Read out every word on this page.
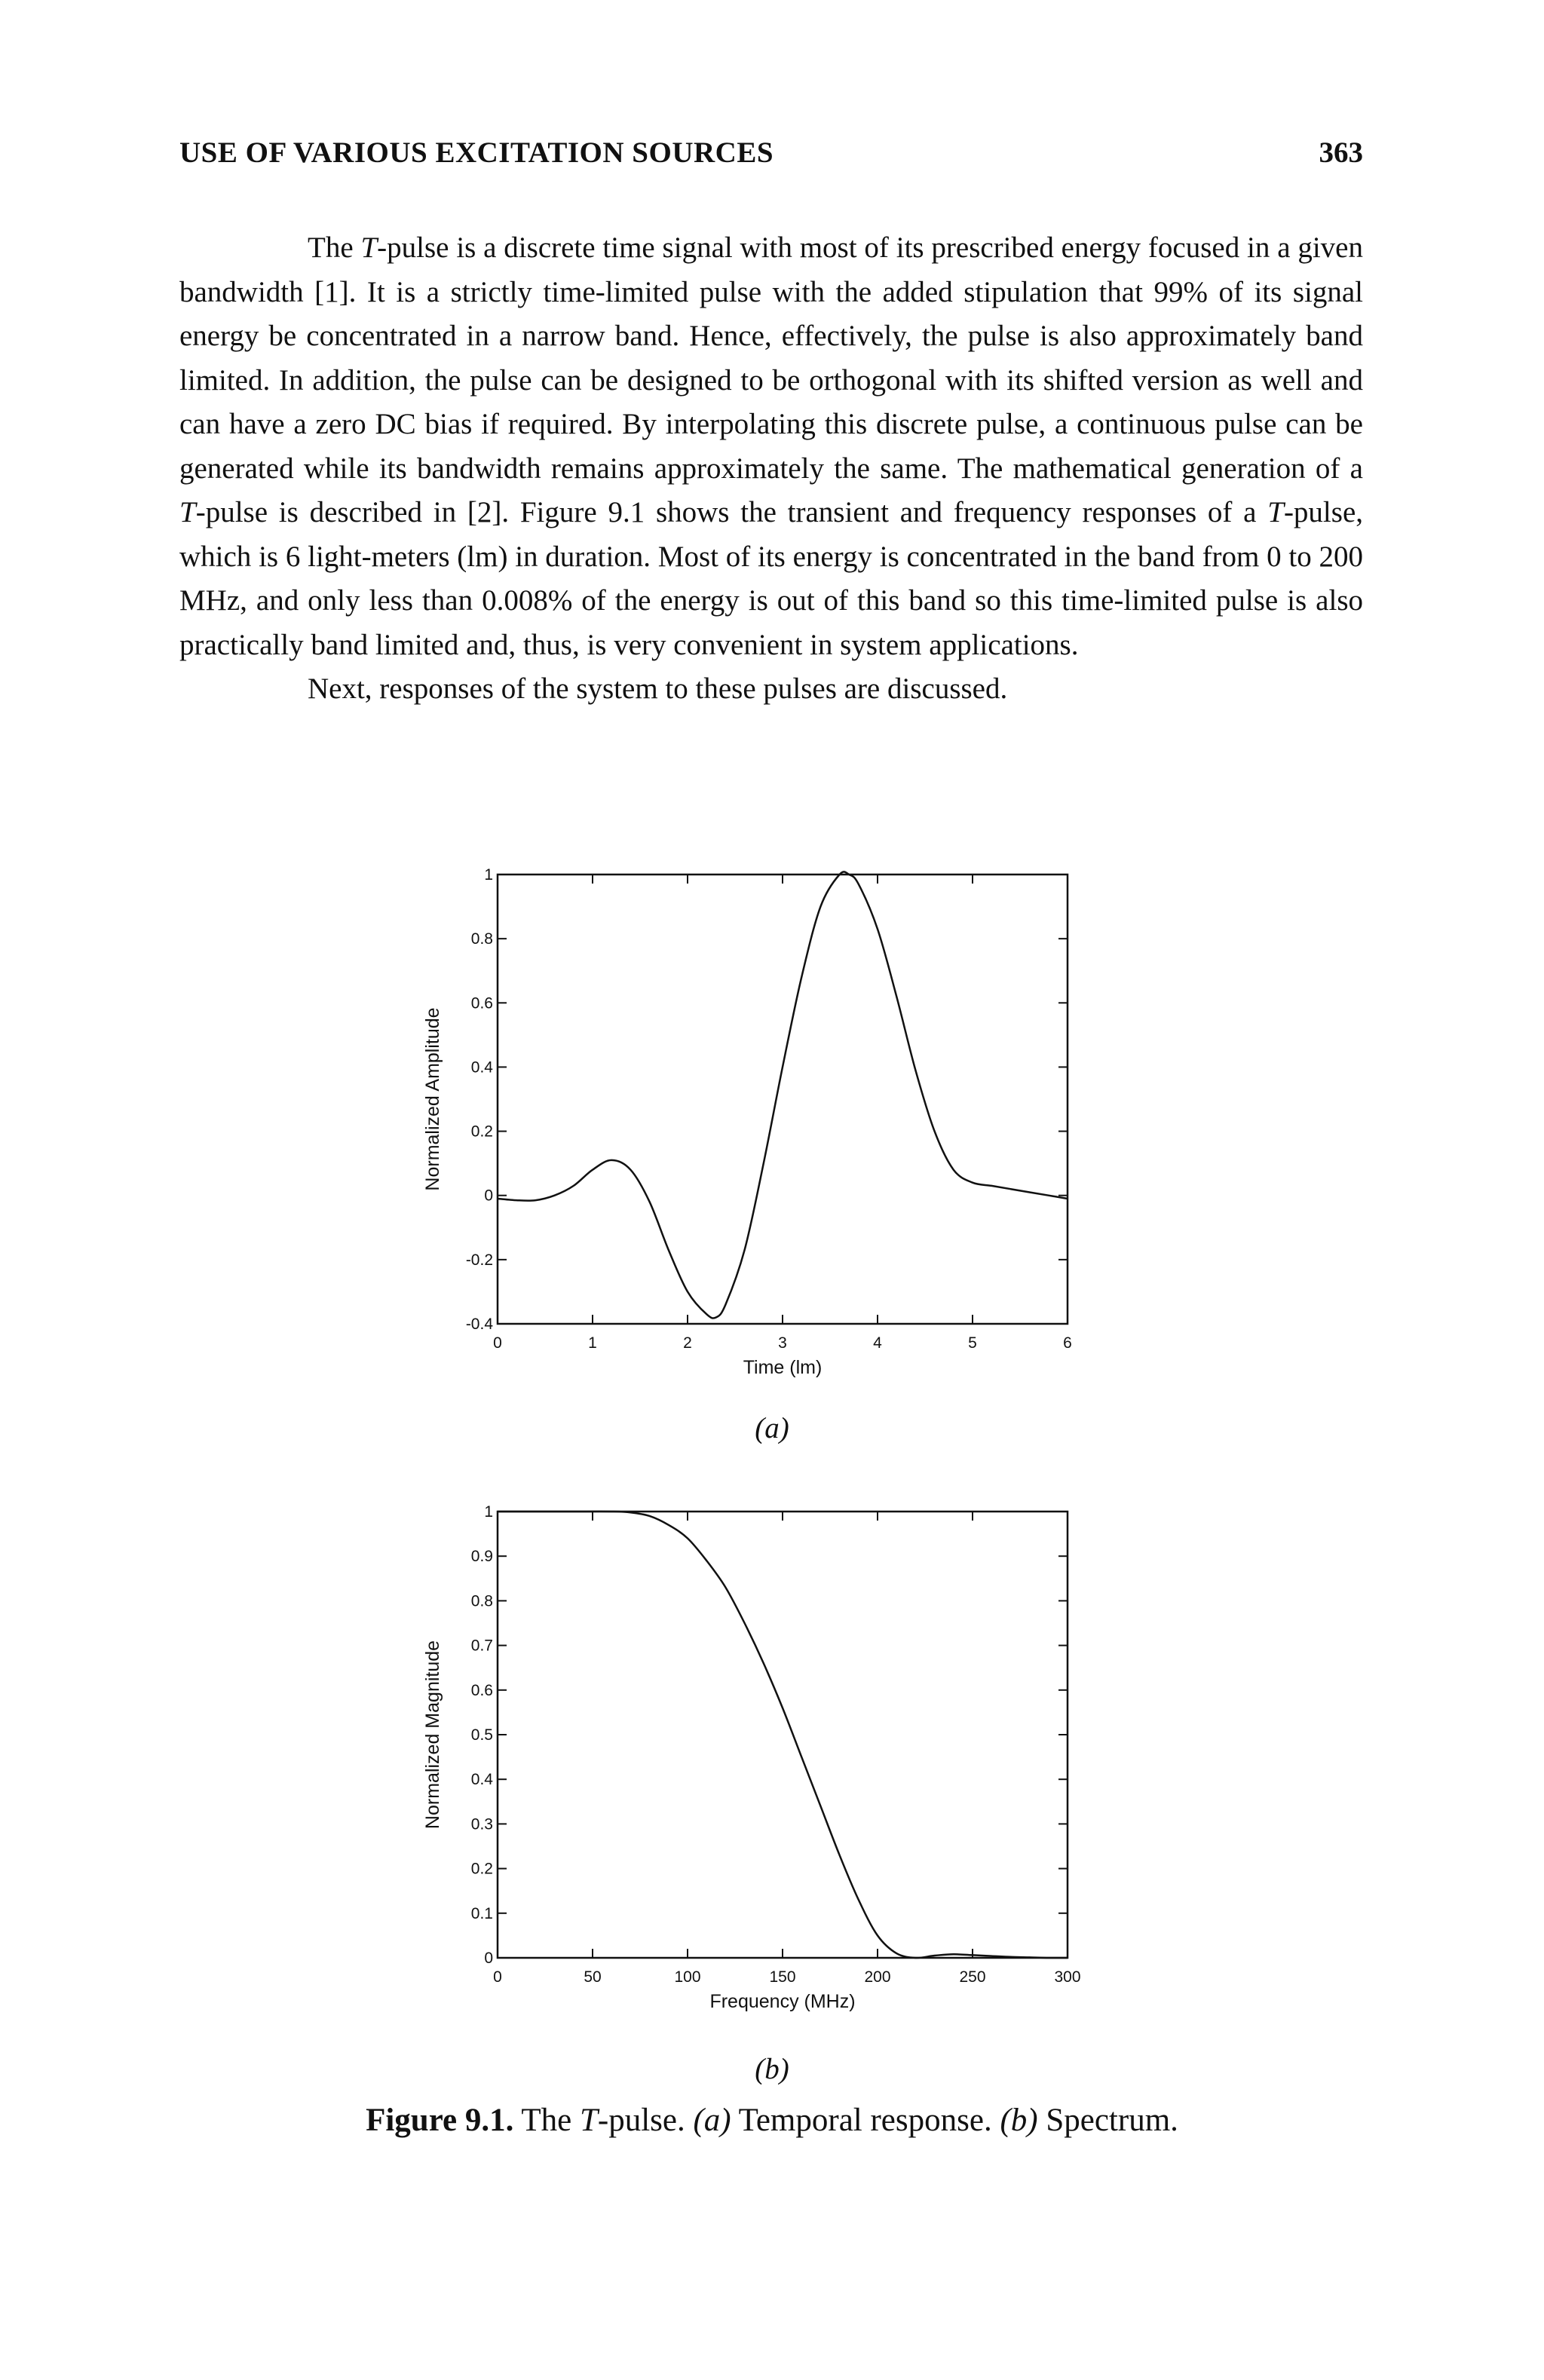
USE OF VARIOUS EXCITATION SOURCES	363

The T-pulse is a discrete time signal with most of its prescribed energy focused in a given bandwidth [1]. It is a strictly time-limited pulse with the added stipulation that 99% of its signal energy be concentrated in a narrow band. Hence, effectively, the pulse is also approximately band limited. In addition, the pulse can be designed to be orthogonal with its shifted version as well and can have a zero DC bias if required. By interpolating this discrete pulse, a continuous pulse can be generated while its bandwidth remains approximately the same. The mathematical generation of a T-pulse is described in [2]. Figure 9.1 shows the transient and frequency responses of a T-pulse, which is 6 light-meters (lm) in duration. Most of its energy is concentrated in the band from 0 to 200 MHz, and only less than 0.008% of the energy is out of this band so this time-limited pulse is also practically band limited and, thus, is very convenient in system applications.

Next, responses of the system to these pulses are discussed.

-0.4
-0.2
0
0.2
0.4
0.6
0.8
1
0	1	2	3	4	5	6
Time (lm)
Normalized Amplitude
(a)
0
0.1
0.2
0.3
0.4
0.5
0.6
0.7
0.8
0.9
1
0	50	100	150	200	250	300
Frequency (MHz)
Normalized Magnitude
(b)
Figure 9.1. The T-pulse. (a) Temporal response. (b) Spectrum.
